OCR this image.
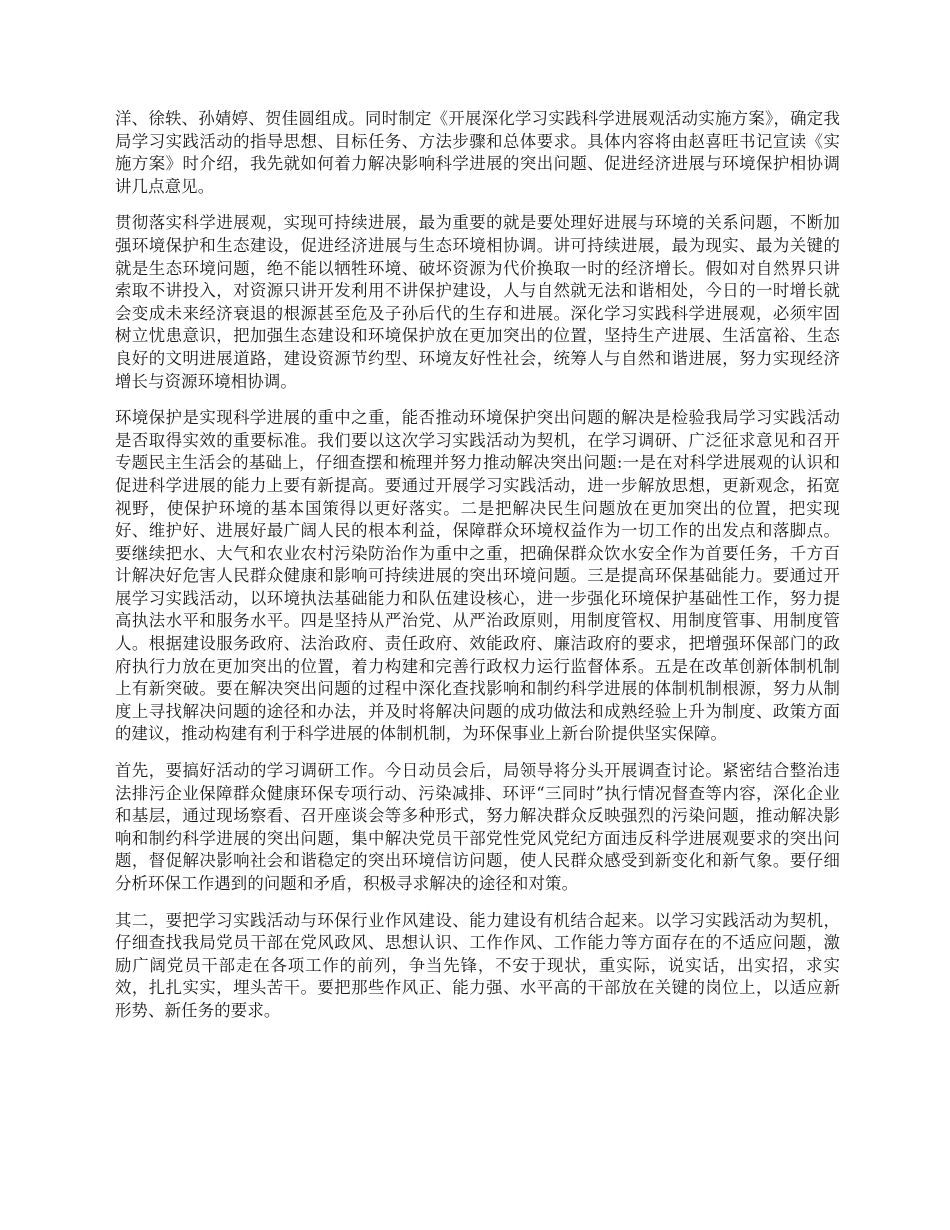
洋、徐轶、孙婧婷、贺佳圆组成。同时制定《开展深化学习实践科学进展观活动实施方案》，确定我局学习实践活动的指导思想、目标任务、方法步骤和总体要求。具体内容将由赵喜旺书记宣读《实施方案》时介绍，我先就如何着力解决影响科学进展的突出问题、促进经济进展与环境保护相协调讲几点意见。

贯彻落实科学进展观，实现可持续进展，最为重要的就是要处理好进展与环境的关系问题，不断加强环境保护和生态建设，促进经济进展与生态环境相协调。讲可持续进展，最为现实、最为关键的就是生态环境问题，绝不能以牺牲环境、破坏资源为代价换取一时的经济增长。假如对自然界只讲索取不讲投入，对资源只讲开发利用不讲保护建设，人与自然就无法和谐相处，今日的一时增长就会变成未来经济衰退的根源甚至危及子孙后代的生存和进展。深化学习实践科学进展观，必须牢固树立忧患意识，把加强生态建设和环境保护放在更加突出的位置，坚持生产进展、生活富裕、生态良好的文明进展道路，建设资源节约型、环境友好性社会，统筹人与自然和谐进展，努力实现经济增长与资源环境相协调。

环境保护是实现科学进展的重中之重，能否推动环境保护突出问题的解决是检验我局学习实践活动是否取得实效的重要标准。我们要以这次学习实践活动为契机，在学习调研、广泛征求意见和召开专题民主生活会的基础上，仔细查摆和梳理并努力推动解决突出问题:一是在对科学进展观的认识和促进科学进展的能力上要有新提高。要通过开展学习实践活动，进一步解放思想，更新观念，拓宽视野，使保护环境的基本国策得以更好落实。二是把解决民生问题放在更加突出的位置，把实现好、维护好、进展好最广阔人民的根本利益，保障群众环境权益作为一切工作的出发点和落脚点。要继续把水、大气和农业农村污染防治作为重中之重，把确保群众饮水安全作为首要任务，千方百计解决好危害人民群众健康和影响可持续进展的突出环境问题。三是提高环保基础能力。要通过开展学习实践活动，以环境执法基础能力和队伍建设核心，进一步强化环境保护基础性工作，努力提高执法水平和服务水平。四是坚持从严治党、从严治政原则，用制度管权、用制度管事、用制度管人。根据建设服务政府、法治政府、责任政府、效能政府、廉洁政府的要求，把增强环保部门的政府执行力放在更加突出的位置，着力构建和完善行政权力运行监督体系。五是在改革创新体制机制上有新突破。要在解决突出问题的过程中深化查找影响和制约科学进展的体制机制根源，努力从制度上寻找解决问题的途径和办法，并及时将解决问题的成功做法和成熟经验上升为制度、政策方面的建议，推动构建有利于科学进展的体制机制，为环保事业上新台阶提供坚实保障。

首先，要搞好活动的学习调研工作。今日动员会后，局领导将分头开展调查讨论。紧密结合整治违法排污企业保障群众健康环保专项行动、污染减排、环评“三同时”执行情况督查等内容，深化企业和基层，通过现场察看、召开座谈会等多种形式，努力解决群众反映强烈的污染问题，推动解决影响和制约科学进展的突出问题，集中解决党员干部党性党风党纪方面违反科学进展观要求的突出问题，督促解决影响社会和谐稳定的突出环境信访问题，使人民群众感受到新变化和新气象。要仔细分析环保工作遇到的问题和矛盾，积极寻求解决的途径和对策。

其二，要把学习实践活动与环保行业作风建设、能力建设有机结合起来。以学习实践活动为契机，仔细查找我局党员干部在党风政风、思想认识、工作作风、工作能力等方面存在的不适应问题，激励广阔党员干部走在各项工作的前列，争当先锋，不安于现状，重实际，说实话，出实招，求实效，扎扎实实，埋头苦干。要把那些作风正、能力强、水平高的干部放在关键的岗位上，以适应新形势、新任务的要求。
